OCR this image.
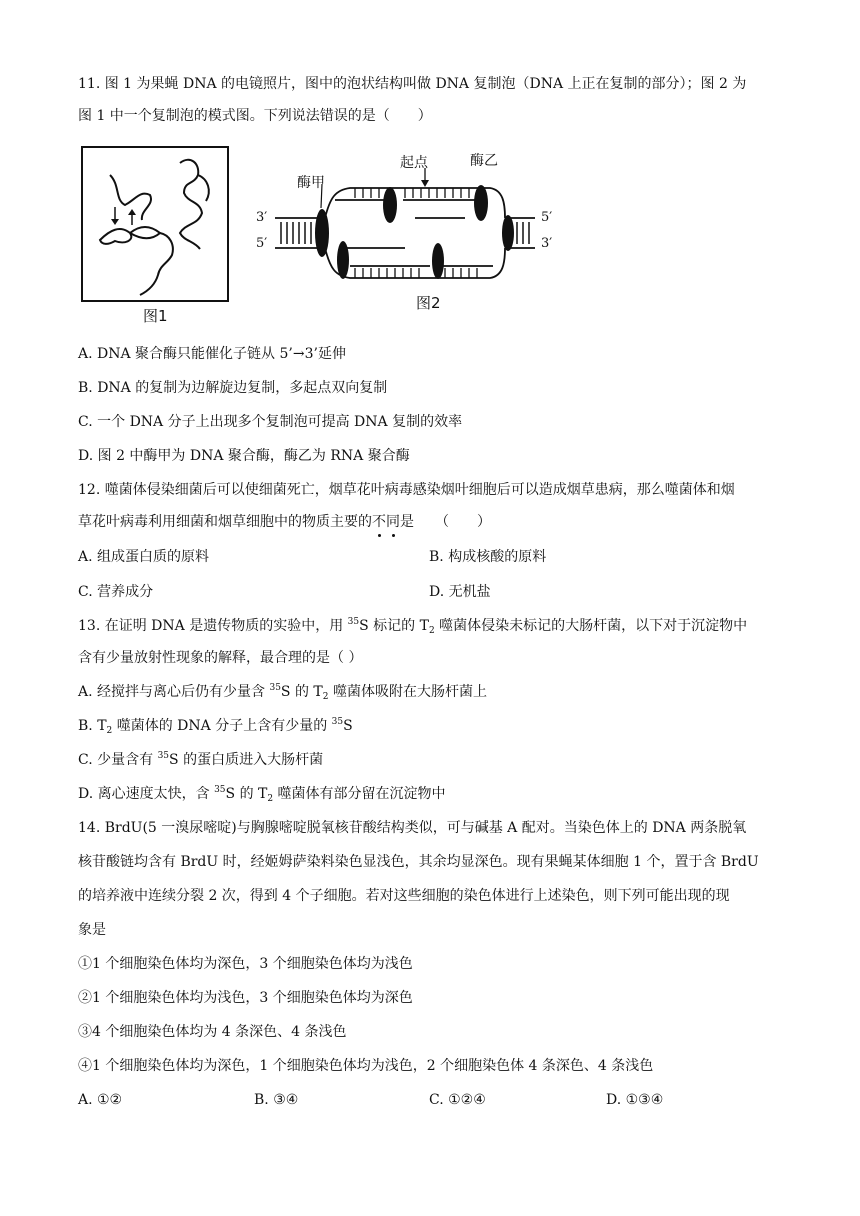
11. 图 1 为果蝇 DNA 的电镜照片，图中的泡状结构叫做 DNA 复制泡（DNA 上正在复制的部分）；图 2 为
图 1 中一个复制泡的模式图。下列说法错误的是（　　）
图1
酶甲
起点	酶乙
3′
5′
5′
3′
图2
A. DNA 聚合酶只能催化子链从 5’→3’延伸
B. DNA 的复制为边解旋边复制，多起点双向复制
C. 一个 DNA 分子上出现多个复制泡可提高 DNA 复制的效率
D. 图 2 中酶甲为 DNA 聚合酶，酶乙为 RNA 聚合酶
12. 噬菌体侵染细菌后可以使细菌死亡，烟草花叶病毒感染烟叶细胞后可以造成烟草患病，那么噬菌体和烟
草花叶病毒利用细菌和烟草细胞中的物质主要的不同是　　（　　）
A. 组成蛋白质的原料	B. 构成核酸的原料
C. 营养成分	D. 无机盐
13. 在证明 DNA 是遗传物质的实验中，用 $^{35}$S 标记的 $T_2$ 噬菌体侵染未标记的大肠杆菌，以下对于沉淀物中
含有少量放射性现象的解释，最合理的是（ ）
A. 经搅拌与离心后仍有少量含 $^{35}$S 的 $T_2$ 噬菌体吸附在大肠杆菌上
B. $T_2$ 噬菌体的 DNA 分子上含有少量的 $^{35}$S
C. 少量含有 $^{35}$S 的蛋白质进入大肠杆菌
D. 离心速度太快，含 $^{35}$S 的 $T_2$ 噬菌体有部分留在沉淀物中
14. BrdU(5 一溴尿嘧啶)与胸腺嘧啶脱氧核苷酸结构类似，可与碱基 A 配对。当染色体上的 DNA 两条脱氧
核苷酸链均含有 BrdU 时，经姬姆萨染料染色显浅色，其余均显深色。现有果蝇某体细胞 1 个，置于含 BrdU
的培养液中连续分裂 2 次，得到 4 个子细胞。若对这些细胞的染色体进行上述染色，则下列可能出现的现
象是
①1 个细胞染色体均为深色，3 个细胞染色体均为浅色
②1 个细胞染色体均为浅色，3 个细胞染色体均为深色
③4 个细胞染色体均为 4 条深色、4 条浅色
④1 个细胞染色体均为深色，1 个细胞染色体均为浅色，2 个细胞染色体 4 条深色、4 条浅色
A. ①②	B. ③④	C. ①②④	D. ①③④
